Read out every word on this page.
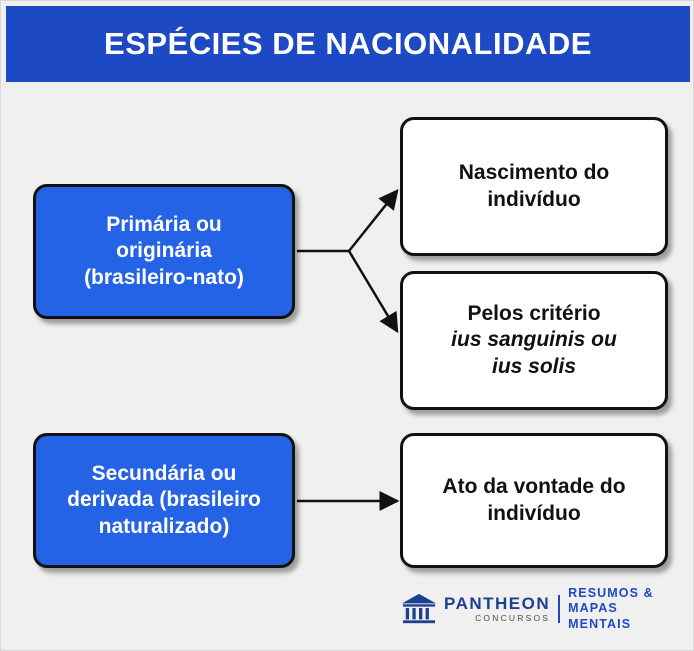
ESPÉCIES DE NACIONALIDADE
Primária ou
originária
(brasileiro-nato)
Secundária ou
derivada (brasileiro
naturalizado)
Nascimento do
indivíduo
Pelos critério
ius sanguinis ou
ius solis
Ato da vontade do
indivíduo
PANTHEON
CONCURSOS
RESUMOS &
MAPAS MENTAIS
